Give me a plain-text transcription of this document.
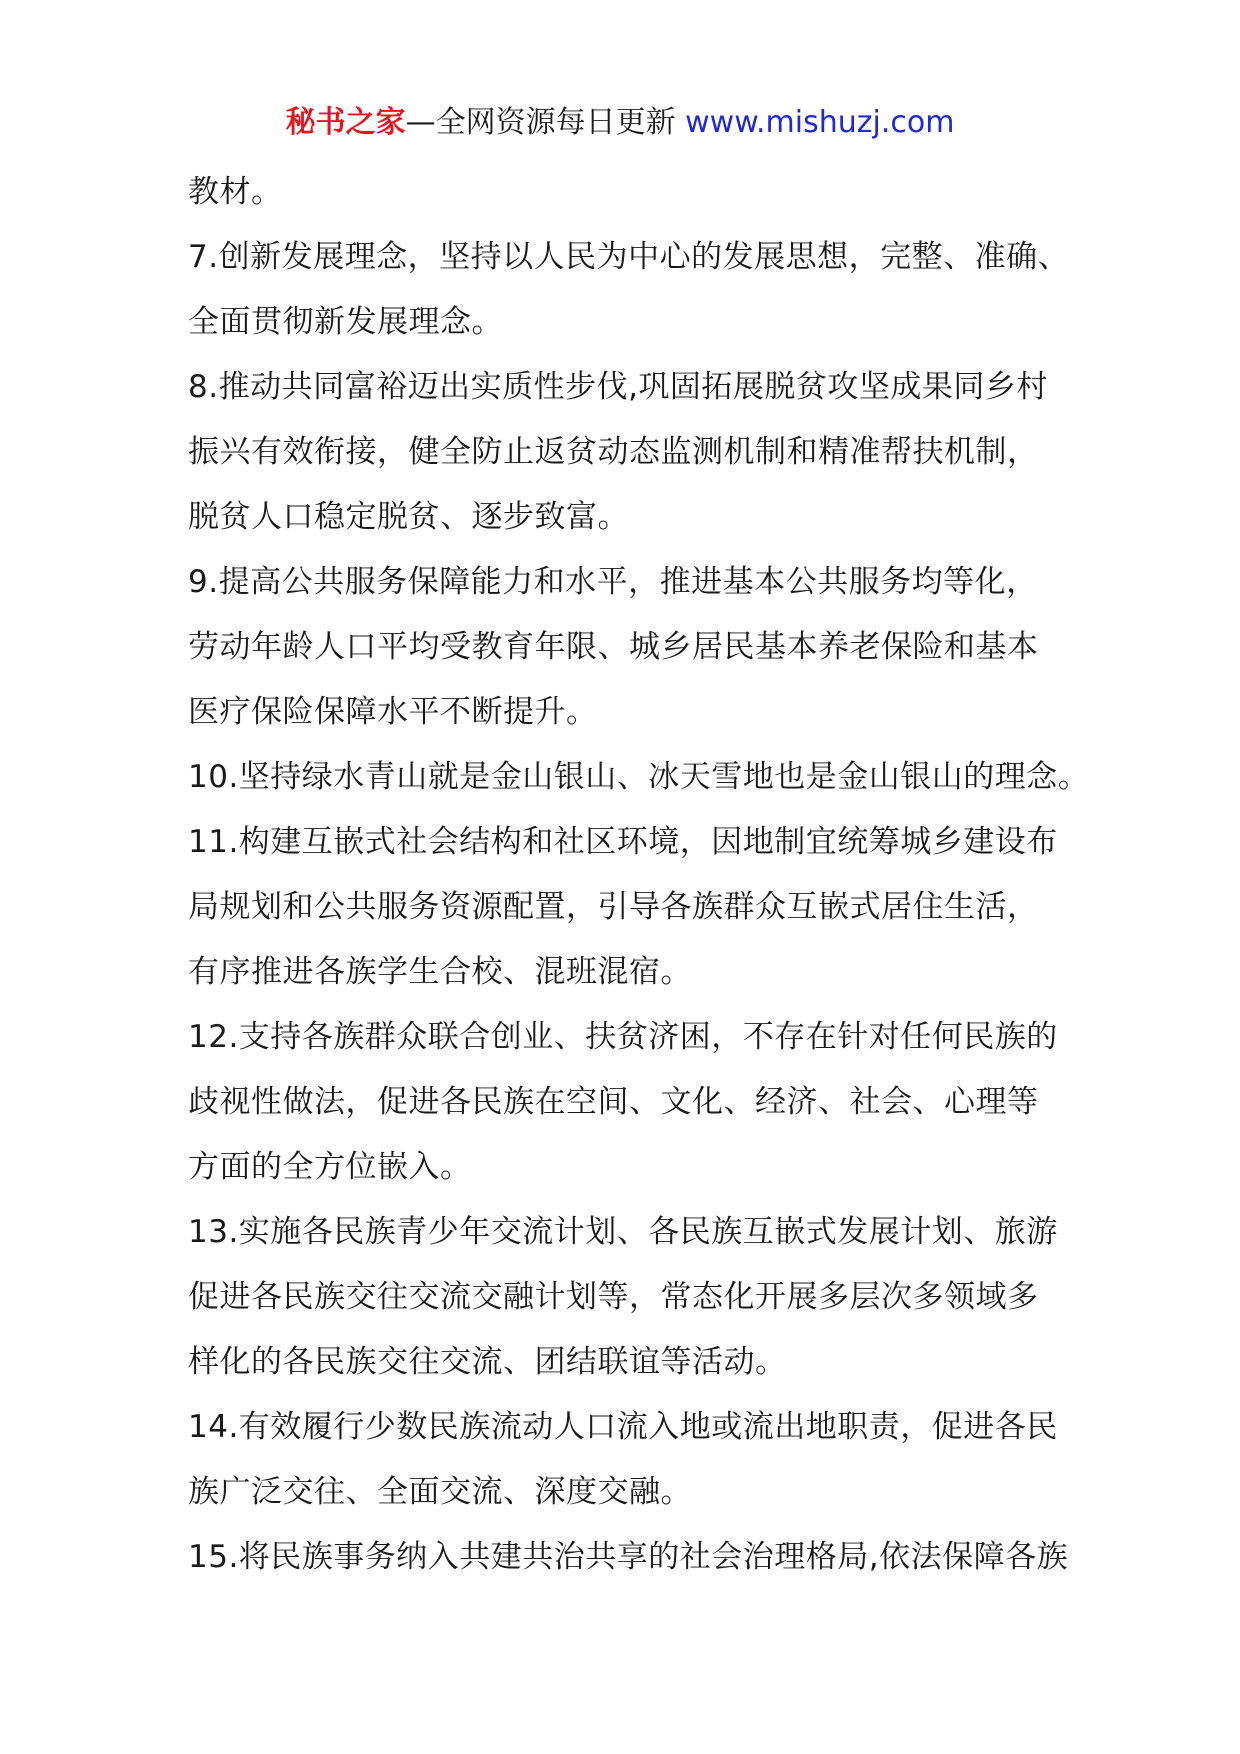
秘书之家—全网资源每日更新 www.mishuzj.com
教材。
7.创新发展理念，坚持以人民为中心的发展思想，完整、准确、
全面贯彻新发展理念。
8.推动共同富裕迈出实质性步伐,巩固拓展脱贫攻坚成果同乡村
振兴有效衔接，健全防止返贫动态监测机制和精准帮扶机制，
脱贫人口稳定脱贫、逐步致富。
9.提高公共服务保障能力和水平，推进基本公共服务均等化，
劳动年龄人口平均受教育年限、城乡居民基本养老保险和基本
医疗保险保障水平不断提升。
10.坚持绿水青山就是金山银山、冰天雪地也是金山银山的理念。
11.构建互嵌式社会结构和社区环境，因地制宜统筹城乡建设布
局规划和公共服务资源配置，引导各族群众互嵌式居住生活，
有序推进各族学生合校、混班混宿。
12.支持各族群众联合创业、扶贫济困，不存在针对任何民族的
歧视性做法，促进各民族在空间、文化、经济、社会、心理等
方面的全方位嵌入。
13.实施各民族青少年交流计划、各民族互嵌式发展计划、旅游
促进各民族交往交流交融计划等，常态化开展多层次多领域多
样化的各民族交往交流、团结联谊等活动。
14.有效履行少数民族流动人口流入地或流出地职责，促进各民
族广泛交往、全面交流、深度交融。
15.将民族事务纳入共建共治共享的社会治理格局,依法保障各族
